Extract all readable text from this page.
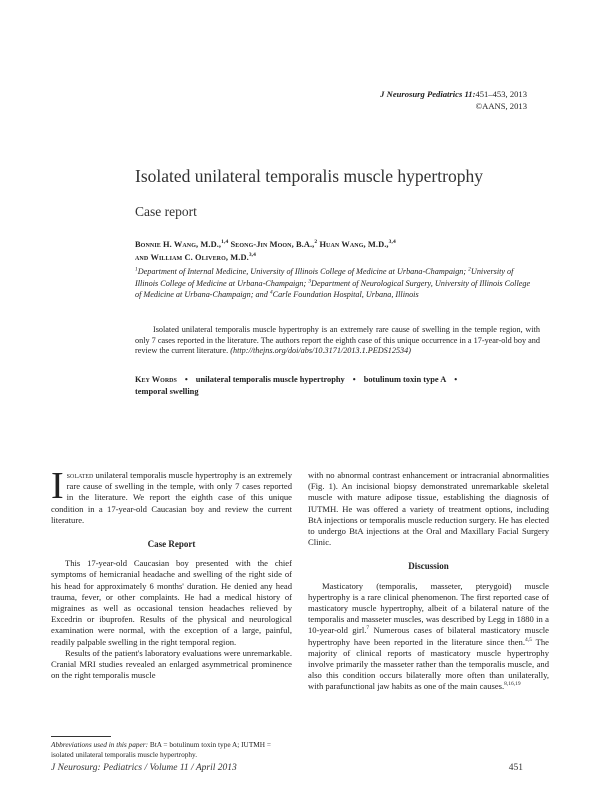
J Neurosurg Pediatrics 11:451–453, 2013
©AANS, 2013
Isolated unilateral temporalis muscle hypertrophy
Case report
Bonnie H. Wang, M.D.,$^{1,4}$ Seong-Jin Moon, B.A.,$^2$ Huan Wang, M.D.,$^{3,4}$
and William C. Olivero, M.D.$^{3,4}$
$^1$Department of Internal Medicine, University of Illinois College of Medicine at Urbana-Champaign; $^2$University of Illinois College of Medicine at Urbana-Champaign; $^3$Department of Neurological Surgery, University of Illinois College of Medicine at Urbana-Champaign; and $^4$Carle Foundation Hospital, Urbana, Illinois
Isolated unilateral temporalis muscle hypertrophy is an extremely rare cause of swelling in the temple region, with only 7 cases reported in the literature. The authors report the eighth case of this unique occurrence in a 17-year-old boy and review the current literature. (http://thejns.org/doi/abs/10.3171/2013.1.PEDS12534)
Key Words • unilateral temporalis muscle hypertrophy • botulinum toxin type A •
temporal swelling

Isolated unilateral temporalis muscle hypertrophy is an extremely rare cause of swelling in the temple, with only 7 cases reported in the literature. We report the eighth case of this unique condition in a 17-year-old Caucasian boy and review the current literature.

Case Report

This 17-year-old Caucasian boy presented with the chief symptoms of hemicranial headache and swelling of the right side of his head for approximately 6 months' duration. He denied any head trauma, fever, or other complaints. He had a medical history of migraines as well as occasional tension headaches relieved by Excedrin or ibuprofen. Results of the physical and neurological examination were normal, with the exception of a large, painful, readily palpable swelling in the right temporal region.

Results of the patient's laboratory evaluations were unremarkable. Cranial MRI studies revealed an enlarged asymmetrical prominence on the right temporalis muscle

with no abnormal contrast enhancement or intracranial abnormalities (Fig. 1). An incisional biopsy demonstrated unremarkable skeletal muscle with mature adipose tissue, establishing the diagnosis of IUTMH. He was offered a variety of treatment options, including BtA injections or temporalis muscle reduction surgery. He has elected to undergo BtA injections at the Oral and Maxillary Facial Surgery Clinic.

Discussion

Masticatory (temporalis, masseter, pterygoid) muscle hypertrophy is a rare clinical phenomenon. The first reported case of masticatory muscle hypertrophy, albeit of a bilateral nature of the temporalis and masseter muscles, was described by Legg in 1880 in a 10-year-old girl.$^7$ Numerous cases of bilateral masticatory muscle hypertrophy have been reported in the literature since then.$^{4,5}$ The majority of clinical reports of masticatory muscle hypertrophy involve primarily the masseter rather than the temporalis muscle, and also this condition occurs bilaterally more often than unilaterally, with parafunctional jaw habits as one of the main causes.$^{8,16,19}$

Abbreviations used in this paper: BtA = botulinum toxin type A; IUTMH = isolated unilateral temporalis muscle hypertrophy.
J Neurosurg: Pediatrics / Volume 11 / April 2013	451
